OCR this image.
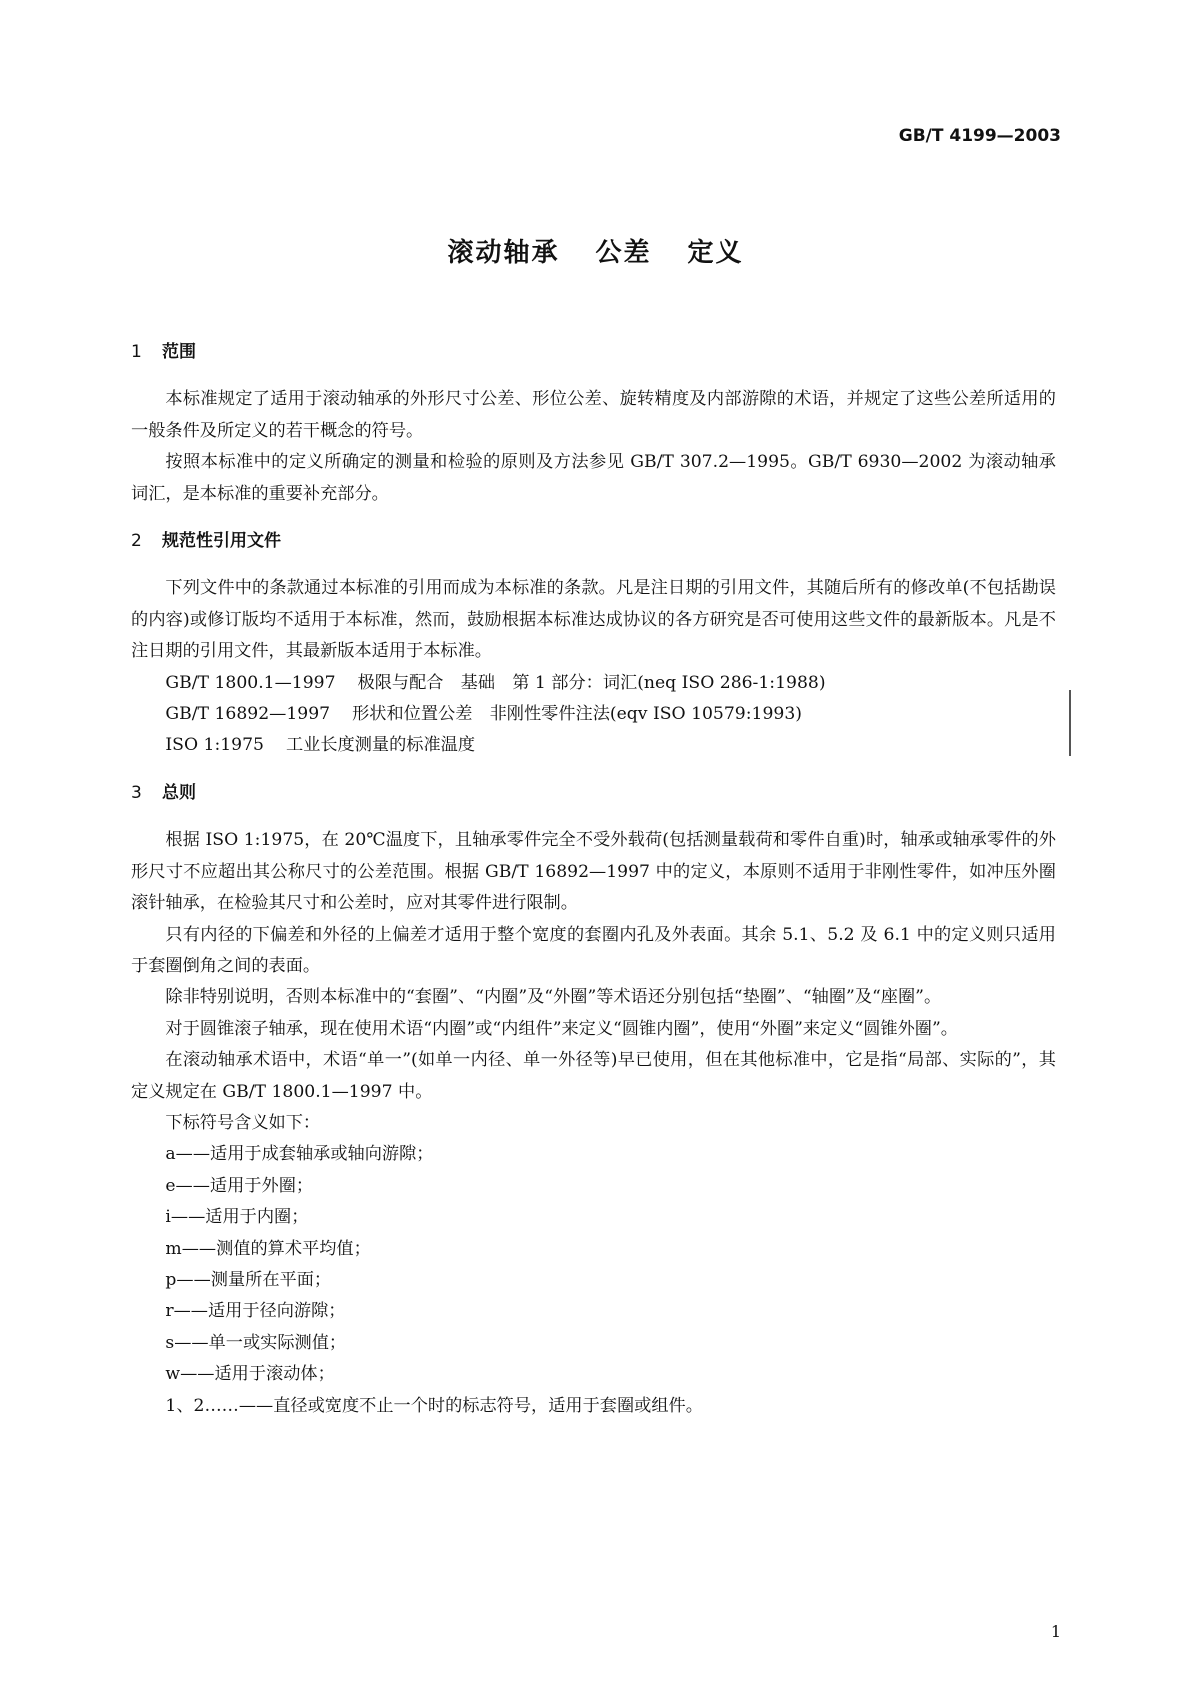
GB/T 4199—2003
滚动轴承 公差 定义
1 范围

本标准规定了适用于滚动轴承的外形尺寸公差、形位公差、旋转精度及内部游隙的术语，并规定了这些公差所适用的一般条件及所定义的若干概念的符号。

按照本标准中的定义所确定的测量和检验的原则及方法参见 GB/T 307.2—1995。GB/T 6930—2002 为滚动轴承词汇，是本标准的重要补充部分。

2 规范性引用文件

下列文件中的条款通过本标准的引用而成为本标准的条款。凡是注日期的引用文件，其随后所有的修改单(不包括勘误的内容)或修订版均不适用于本标准，然而，鼓励根据本标准达成协议的各方研究是否可使用这些文件的最新版本。凡是不注日期的引用文件，其最新版本适用于本标准。

GB/T 1800.1—1997 极限与配合　基础　第 1 部分：词汇(neq ISO 286-1:1988)

GB/T 16892—1997 形状和位置公差　非刚性零件注法(eqv ISO 10579:1993)

ISO 1:1975 工业长度测量的标准温度

3 总则

根据 ISO 1:1975，在 20℃温度下，且轴承零件完全不受外载荷(包括测量载荷和零件自重)时，轴承或轴承零件的外形尺寸不应超出其公称尺寸的公差范围。根据 GB/T 16892—1997 中的定义，本原则不适用于非刚性零件，如冲压外圈滚针轴承，在检验其尺寸和公差时，应对其零件进行限制。

只有内径的下偏差和外径的上偏差才适用于整个宽度的套圈内孔及外表面。其余 5.1、5.2 及 6.1 中的定义则只适用于套圈倒角之间的表面。

除非特别说明，否则本标准中的“套圈”、“内圈”及“外圈”等术语还分别包括“垫圈”、“轴圈”及“座圈”。

对于圆锥滚子轴承，现在使用术语“内圈”或“内组件”来定义“圆锥内圈”，使用“外圈”来定义“圆锥外圈”。

在滚动轴承术语中，术语“单一”(如单一内径、单一外径等)早已使用，但在其他标准中，它是指“局部、实际的”，其定义规定在 GB/T 1800.1—1997 中。

下标符号含义如下：

a——适用于成套轴承或轴向游隙；

e——适用于外圈；

i——适用于内圈；

m——测值的算术平均值；

p——测量所在平面；

r——适用于径向游隙；

s——单一或实际测值；

w——适用于滚动体；

1、2……——直径或宽度不止一个时的标志符号，适用于套圈或组件。

1
